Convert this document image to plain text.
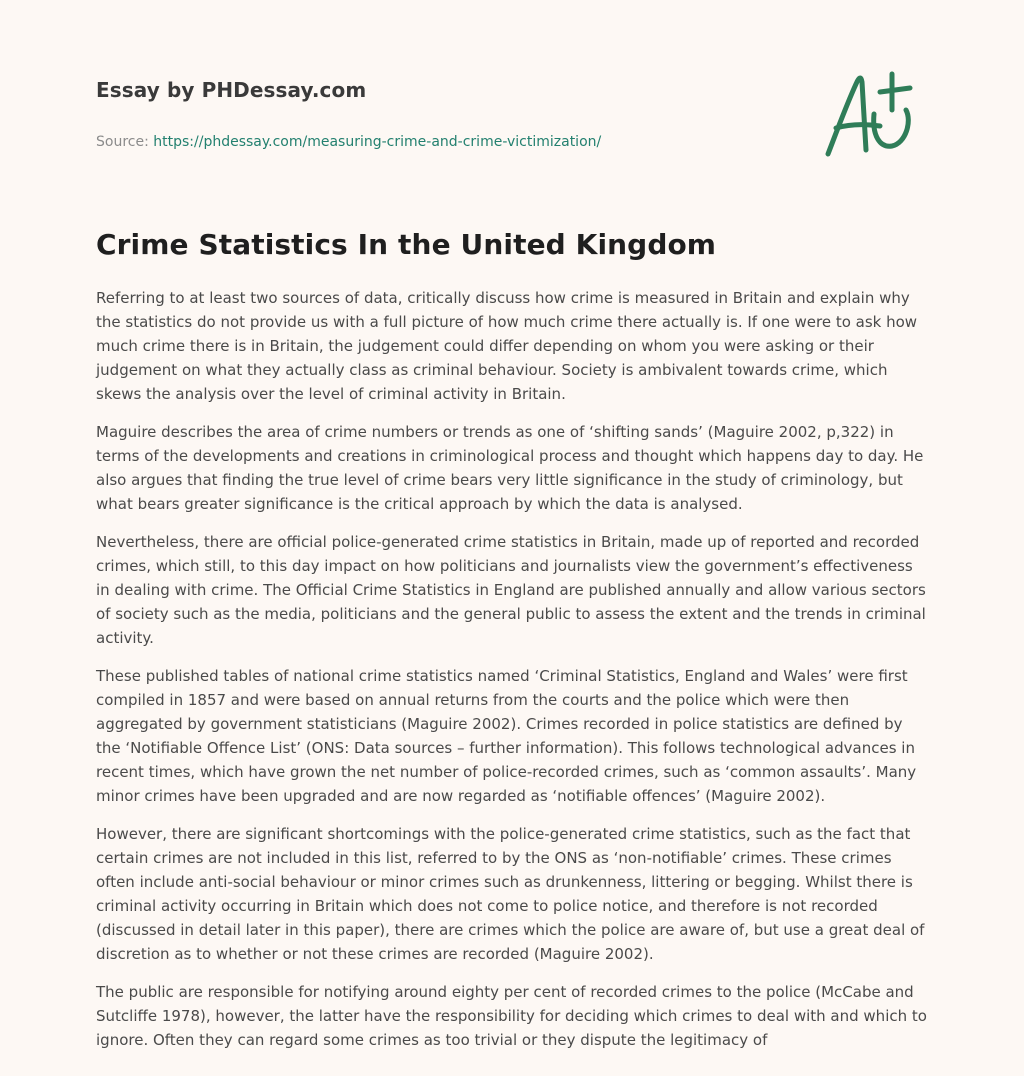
Essay by PHDessay.com
Source: https://phdessay.com/measuring-crime-and-crime-victimization/
Crime Statistics In the United Kingdom

Referring to at least two sources of data, critically discuss how crime is measured in Britain and explain why the statistics do not provide us with a full picture of how much crime there actually is. If one were to ask how much crime there is in Britain, the judgement could differ depending on whom you were asking or their judgement on what they actually class as criminal behaviour. Society is ambivalent towards crime, which skews the analysis over the level of criminal activity in Britain.

Maguire describes the area of crime numbers or trends as one of ‘shifting sands’ (Maguire 2002, p,322) in terms of the developments and creations in criminological process and thought which happens day to day. He also argues that finding the true level of crime bears very little significance in the study of criminology, but what bears greater significance is the critical approach by which the data is analysed.

Nevertheless, there are official police-generated crime statistics in Britain, made up of reported and recorded crimes, which still, to this day impact on how politicians and journalists view the government’s effectiveness in dealing with crime. The Official Crime Statistics in England are published annually and allow various sectors of society such as the media, politicians and the general public to assess the extent and the trends in criminal activity.

These published tables of national crime statistics named ‘Criminal Statistics, England and Wales’ were first compiled in 1857 and were based on annual returns from the courts and the police which were then aggregated by government statisticians (Maguire 2002). Crimes recorded in police statistics are defined by the ‘Notifiable Offence List’ (ONS: Data sources – further information). This follows technological advances in recent times, which have grown the net number of police-recorded crimes, such as ‘common assaults’. Many minor crimes have been upgraded and are now regarded as ‘notifiable offences’ (Maguire 2002).

However, there are significant shortcomings with the police-generated crime statistics, such as the fact that certain crimes are not included in this list, referred to by the ONS as ‘non-notifiable’ crimes. These crimes often include anti-social behaviour or minor crimes such as drunkenness, littering or begging. Whilst there is criminal activity occurring in Britain which does not come to police notice, and therefore is not recorded (discussed in detail later in this paper), there are crimes which the police are aware of, but use a great deal of discretion as to whether or not these crimes are recorded (Maguire 2002).

The public are responsible for notifying around eighty per cent of recorded crimes to the police (McCabe and Sutcliffe 1978), however, the latter have the responsibility for deciding which crimes to deal with and which to ignore. Often they can regard some crimes as too trivial or they dispute the legitimacy of
